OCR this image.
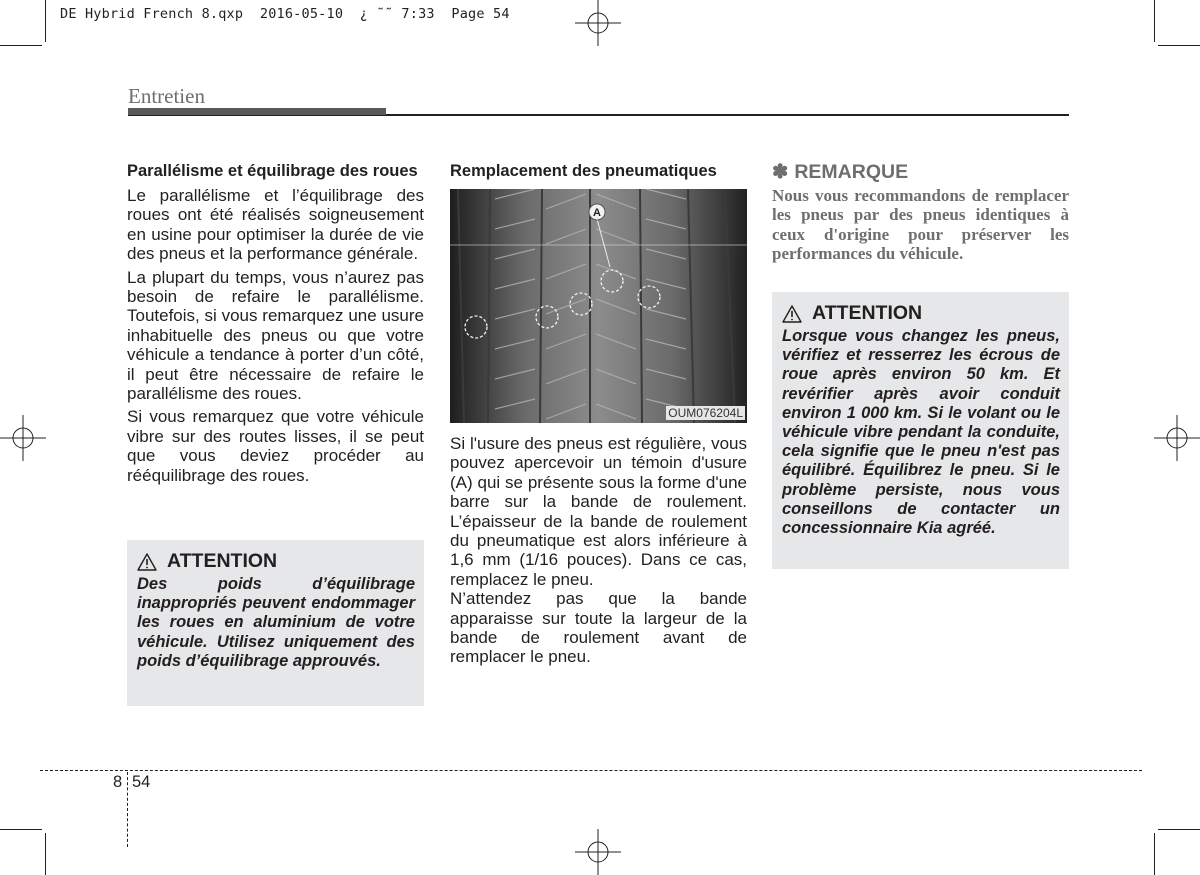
DE Hybrid French 8.qxp  2016-05-10  ¿ ˜˜ 7:33  Page 54
Entretien
Parallélisme et équilibrage des roues

Le parallélisme et l’équilibrage des roues ont été réalisés soigneusement en usine pour optimiser la durée de vie des pneus et la performance générale.

La plupart du temps, vous n’aurez pas besoin de refaire le parallélisme. Toutefois, si vous remarquez une usure inhabituelle des pneus ou que votre véhicule a tendance à porter d’un côté, il peut être nécessaire de refaire le parallélisme des roues.

Si vous remarquez que votre véhicule vibre sur des routes lisses, il se peut que vous deviez procéder au rééquilibrage des roues.

ATTENTION

Des poids d’équilibrage inappropriés peuvent endommager les roues en aluminium de votre véhicule. Utilisez uniquement des poids d’équilibrage approuvés.

Remplacement des pneumatiques
A
OUM076204L

Si l'usure des pneus est régulière, vous pouvez apercevoir un témoin d'usure (A) qui se présente sous la forme d'une barre sur la bande de roulement. L’épaisseur de la bande de roulement du pneumatique est alors inférieure à 1,6 mm (1/16 pouces). Dans ce cas, remplacez le pneu.

N’attendez pas que la bande apparaisse sur toute la largeur de la bande de roulement avant de remplacer le pneu.

✽ REMARQUE

Nous vous recommandons de remplacer les pneus par des pneus identiques à ceux d'origine pour préserver les performances du véhicule.

ATTENTION

Lorsque vous changez les pneus, vérifiez et resserrez les écrous de roue après environ 50 km. Et revérifier après avoir conduit environ 1 000 km. Si le volant ou le véhicule vibre pendant la conduite, cela signifie que le pneu n'est pas équilibré. Équilibrez le pneu. Si le problème persiste, nous vous conseillons de contacter un concessionnaire Kia agréé.

8 54
